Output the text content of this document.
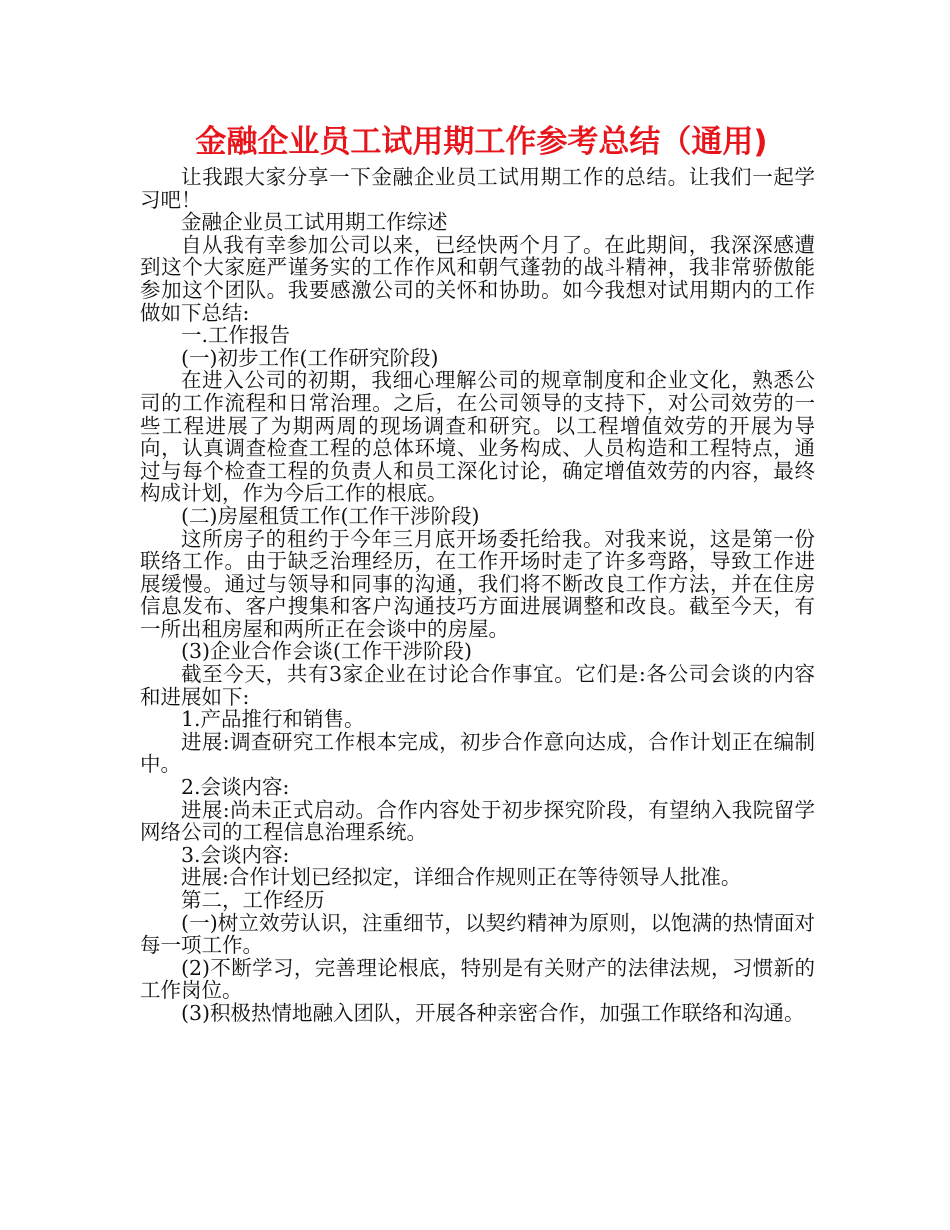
金融企业员工试用期工作参考总结（通用)

让我跟大家分享一下金融企业员工试用期工作的总结。让我们一起学习吧！

金融企业员工试用期工作综述

自从我有幸参加公司以来，已经快两个月了。在此期间，我深深感遭到这个大家庭严谨务实的工作作风和朝气蓬勃的战斗精神，我非常骄傲能参加这个团队。我要感激公司的关怀和协助。如今我想对试用期内的工作做如下总结:

一.工作报告

(一)初步工作(工作研究阶段)

在进入公司的初期，我细心理解公司的规章制度和企业文化，熟悉公司的工作流程和日常治理。之后，在公司领导的支持下，对公司效劳的一些工程进展了为期两周的现场调查和研究。以工程增值效劳的开展为导向，认真调查检查工程的总体环境、业务构成、人员构造和工程特点，通过与每个检查工程的负责人和员工深化讨论，确定增值效劳的内容，最终构成计划，作为今后工作的根底。

(二)房屋租赁工作(工作干涉阶段)

这所房子的租约于今年三月底开场委托给我。对我来说，这是第一份联络工作。由于缺乏治理经历，在工作开场时走了许多弯路，导致工作进展缓慢。通过与领导和同事的沟通，我们将不断改良工作方法，并在住房信息发布、客户搜集和客户沟通技巧方面进展调整和改良。截至今天，有一所出租房屋和两所正在会谈中的房屋。

(3)企业合作会谈(工作干涉阶段)

截至今天，共有3家企业在讨论合作事宜。它们是:各公司会谈的内容和进展如下:

1.产品推行和销售。

进展:调查研究工作根本完成，初步合作意向达成，合作计划正在编制中。

2.会谈内容:

进展:尚未正式启动。合作内容处于初步探究阶段，有望纳入我院留学网络公司的工程信息治理系统。

3.会谈内容:

进展:合作计划已经拟定，详细合作规则正在等待领导人批准。

第二，工作经历

(一)树立效劳认识，注重细节，以契约精神为原则，以饱满的热情面对每一项工作。

(2)不断学习，完善理论根底，特别是有关财产的法律法规，习惯新的工作岗位。

(3)积极热情地融入团队，开展各种亲密合作，加强工作联络和沟通。
